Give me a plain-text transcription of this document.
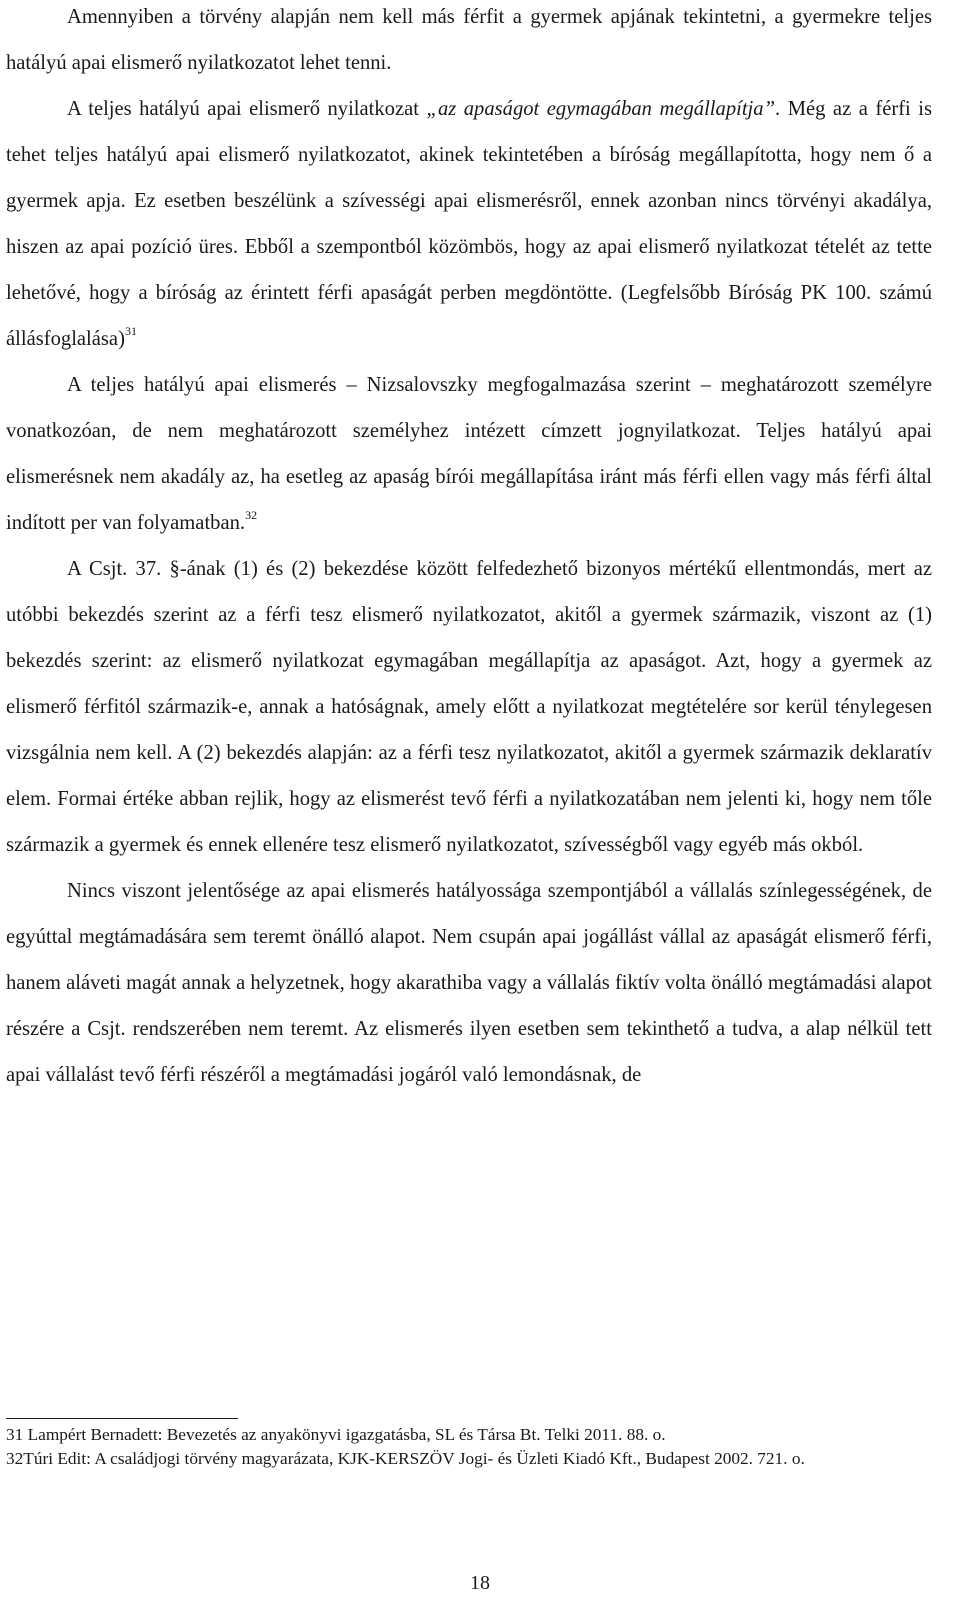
Amennyiben a törvény alapján nem kell más férfit a gyermek apjának tekintetni, a gyermekre teljes hatályú apai elismerő nyilatkozatot lehet tenni.

A teljes hatályú apai elismerő nyilatkozat „az apaságot egymagában megállapítja”. Még az a férfi is tehet teljes hatályú apai elismerő nyilatkozatot, akinek tekintetében a bíróság megállapította, hogy nem ő a gyermek apja. Ez esetben beszélünk a szívességi apai elismerésről, ennek azonban nincs törvényi akadálya, hiszen az apai pozíció üres. Ebből a szempontból közömbös, hogy az apai elismerő nyilatkozat tételét az tette lehetővé, hogy a bíróság az érintett férfi apaságát perben megdöntötte. (Legfelsőbb Bíróság PK 100. számú állásfoglalása)$^{31}$

A teljes hatályú apai elismerés – Nizsalovszky megfogalmazása szerint – meghatározott személyre vonatkozóan, de nem meghatározott személyhez intézett címzett jognyilatkozat. Teljes hatályú apai elismerésnek nem akadály az, ha esetleg az apaság bírói megállapítása iránt más férfi ellen vagy más férfi által indított per van folyamatban.$^{32}$

A Csjt. 37. §-ának (1) és (2) bekezdése között felfedezhető bizonyos mértékű ellentmondás, mert az utóbbi bekezdés szerint az a férfi tesz elismerő nyilatkozatot, akitől a gyermek származik, viszont az (1) bekezdés szerint: az elismerő nyilatkozat egymagában megállapítja az apaságot. Azt, hogy a gyermek az elismerő férfitól származik-e, annak a hatóságnak, amely előtt a nyilatkozat megtételére sor kerül ténylegesen vizsgálnia nem kell. A (2) bekezdés alapján: az a férfi tesz nyilatkozatot, akitől a gyermek származik deklaratív elem. Formai értéke abban rejlik, hogy az elismerést tevő férfi a nyilatkozatában nem jelenti ki, hogy nem tőle származik a gyermek és ennek ellenére tesz elismerő nyilatkozatot, szívességből vagy egyéb más okból.

Nincs viszont jelentősége az apai elismerés hatályossága szempontjából a vállalás színlegességének, de egyúttal megtámadására sem teremt önálló alapot. Nem csupán apai jogállást vállal az apaságát elismerő férfi, hanem aláveti magát annak a helyzetnek, hogy akarathiba vagy a vállalás fiktív volta önálló megtámadási alapot részére a Csjt. rendszerében nem teremt. Az elismerés ilyen esetben sem tekinthető a tudva, a alap nélkül tett apai vállalást tevő férfi részéről a megtámadási jogáról való lemondásnak, de

31 Lampért Bernadett: Bevezetés az anyakönyvi igazgatásba, SL és Társa Bt. Telki 2011. 88. o.

32Túri Edit: A családjogi törvény magyarázata, KJK-KERSZÖV Jogi- és Üzleti Kiadó Kft., Budapest 2002. 721. o.

18
